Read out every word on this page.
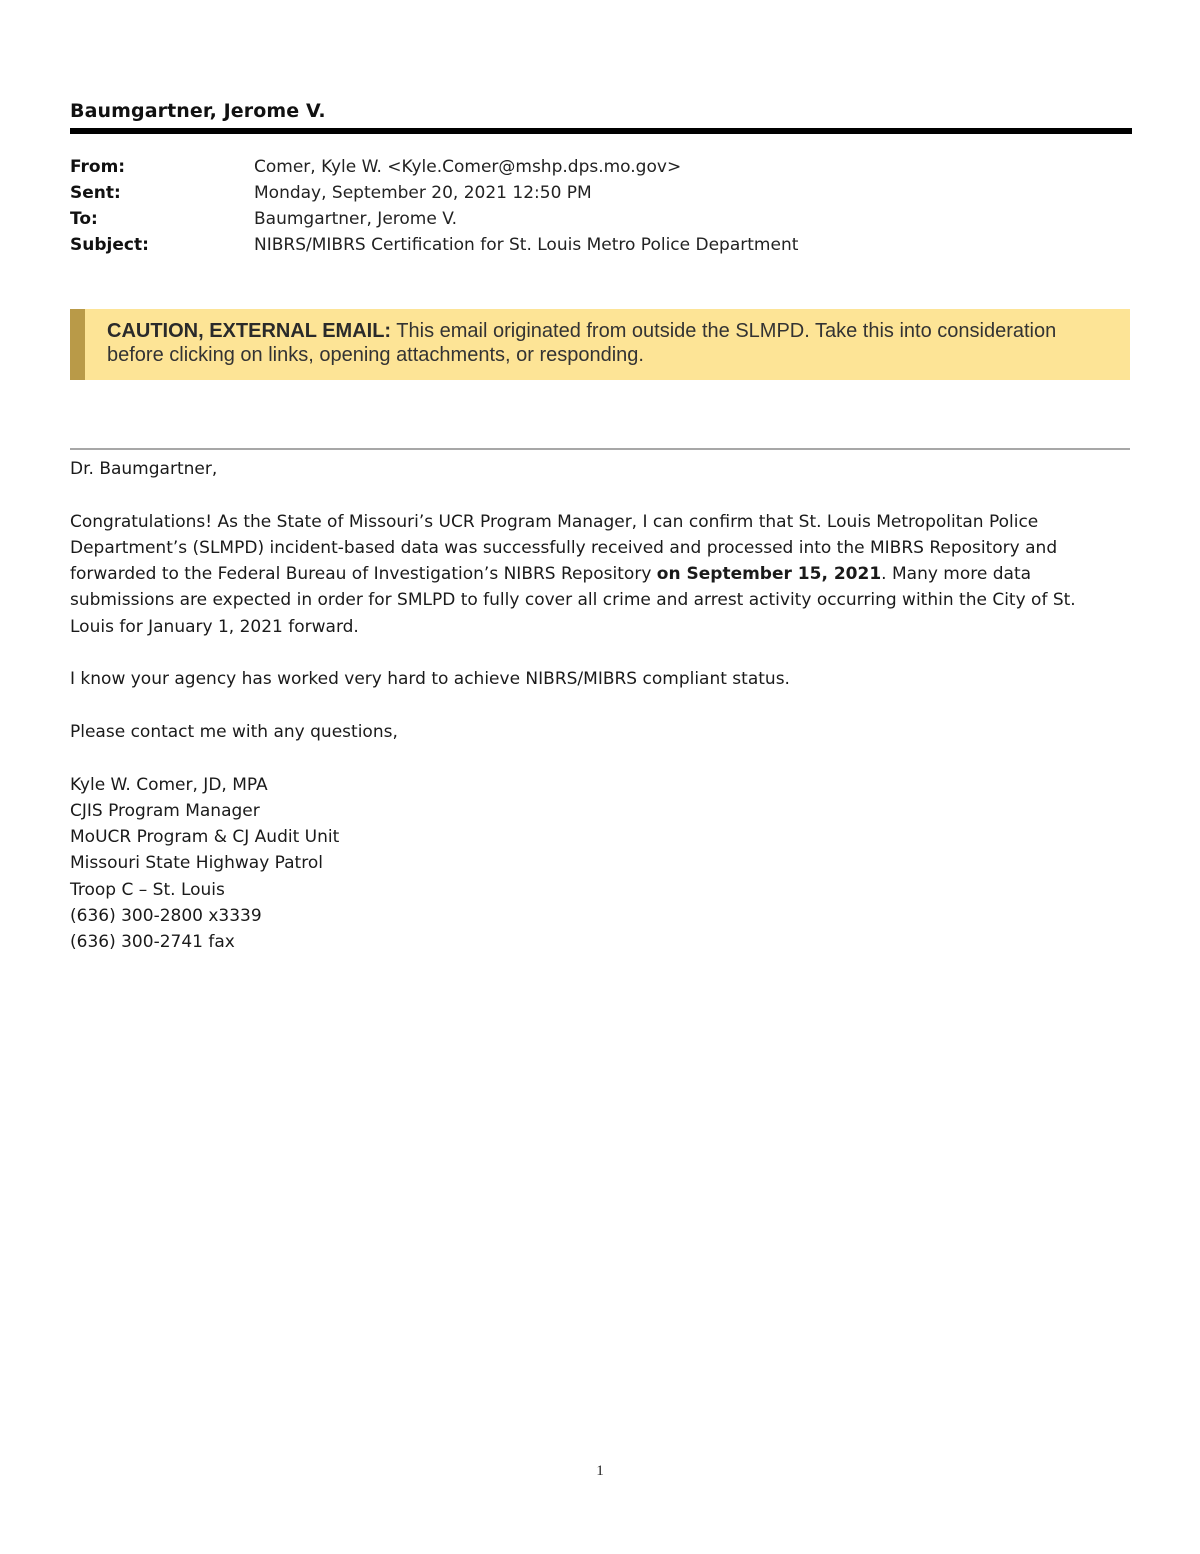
Baumgartner, Jerome V.
From:	Comer, Kyle W. <Kyle.Comer@mshp.dps.mo.gov>
Sent:	Monday, September 20, 2021 12:50 PM
To:	Baumgartner, Jerome V.
Subject:	NIBRS/MIBRS Certification for St. Louis Metro Police Department
CAUTION, EXTERNAL EMAIL: This email originated from outside the SLMPD. Take this into consideration before clicking on links, opening attachments, or responding.

Dr. Baumgartner,

Congratulations! As the State of Missouri’s UCR Program Manager, I can confirm that St. Louis Metropolitan Police Department’s (SLMPD) incident-based data was successfully received and processed into the MIBRS Repository and forwarded to the Federal Bureau of Investigation’s NIBRS Repository on September 15, 2021. Many more data submissions are expected in order for SMLPD to fully cover all crime and arrest activity occurring within the City of St. Louis for January 1, 2021 forward.

I know your agency has worked very hard to achieve NIBRS/MIBRS compliant status.

Please contact me with any questions,

Kyle W. Comer, JD, MPA
CJIS Program Manager
MoUCR Program & CJ Audit Unit
Missouri State Highway Patrol
Troop C – St. Louis
(636) 300-2800 x3339
(636) 300-2741 fax
1
